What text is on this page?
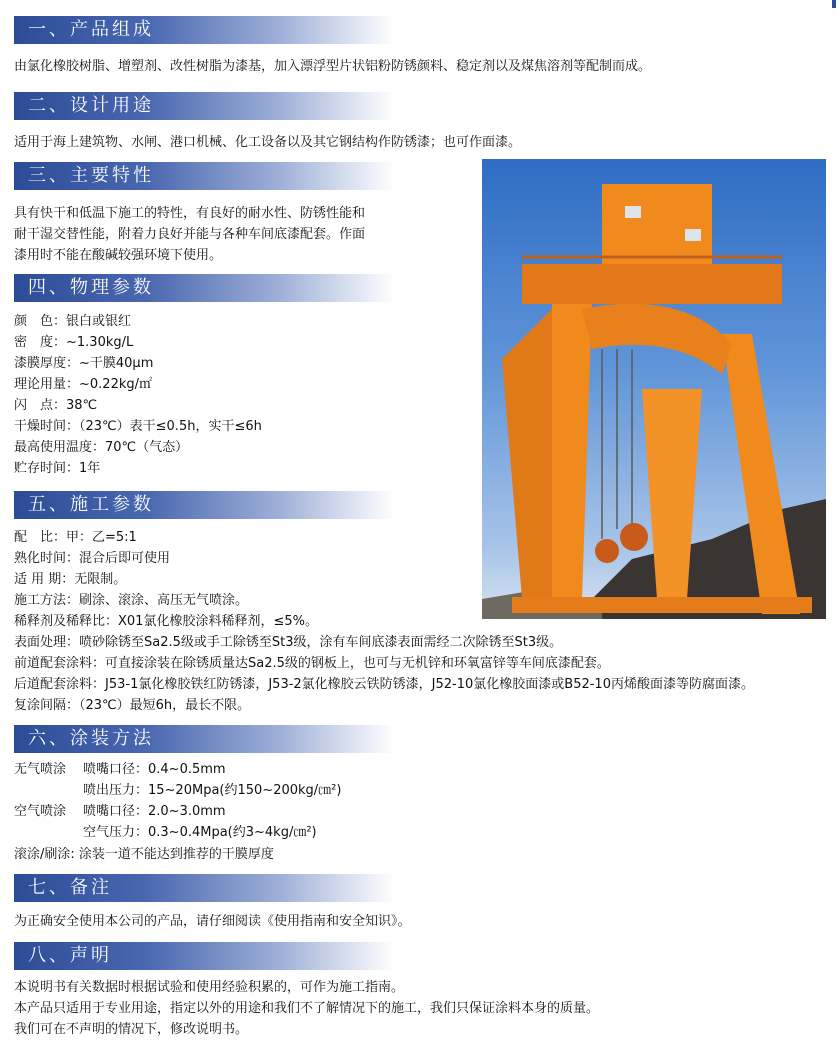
一、产品组成
由氯化橡胶树脂、增塑剂、改性树脂为漆基，加入漂浮型片状铝粉防锈颜料、稳定剂以及煤焦溶剂等配制而成。
二、设计用途
适用于海上建筑物、水闸、港口机械、化工设备以及其它钢结构作防锈漆；也可作面漆。
三、主要特性
具有快干和低温下施工的特性，有良好的耐水性、防锈性能和
耐干湿交替性能，附着力良好并能与各种车间底漆配套。作面
漆用时不能在酸碱较强环境下使用。
四、物理参数
颜　色：银白或银红
密　度：~1.30kg/L
漆膜厚度：~干膜40μm
理论用量：~0.22kg/㎡
闪　点：38℃
干燥时间：（23℃）表干≤0.5h，实干≤6h
最高使用温度：70℃（气态）
贮存时间：1年
五、施工参数
配　比：甲：乙=5:1
熟化时间：混合后即可使用
适 用 期：无限制。
施工方法：刷涂、滚涂、高压无气喷涂。
稀释剂及稀释比：X01氯化橡胶涂料稀释剂，≤5%。
表面处理：喷砂除锈至Sa2.5级或手工除锈至St3级，涂有车间底漆表面需经二次除锈至St3级。
前道配套涂料：可直接涂装在除锈质量达Sa2.5级的钢板上，也可与无机锌和环氧富锌等车间底漆配套。
后道配套涂料：J53-1氯化橡胶铁红防锈漆，J53-2氯化橡胶云铁防锈漆，J52-10氯化橡胶面漆或B52-10丙烯酸面漆等防腐面漆。
复涂间隔：（23℃）最短6h，最长不限。
六、涂装方法
无气喷涂 喷嘴口径：0.4~0.5mm
喷出压力：15~20Mpa(约150~200kg/㎝²)
空气喷涂 喷嘴口径：2.0~3.0mm
空气压力：0.3~0.4Mpa(约3~4kg/㎝²)
滚涂/刷涂: 涂装一道不能达到推荐的干膜厚度
七、备注
为正确安全使用本公司的产品，请仔细阅读《使用指南和安全知识》。
八、声明
本说明书有关数据时根据试验和使用经验积累的，可作为施工指南。
本产品只适用于专业用途，指定以外的用途和我们不了解情况下的施工，我们只保证涂料本身的质量。
我们可在不声明的情况下，修改说明书。
